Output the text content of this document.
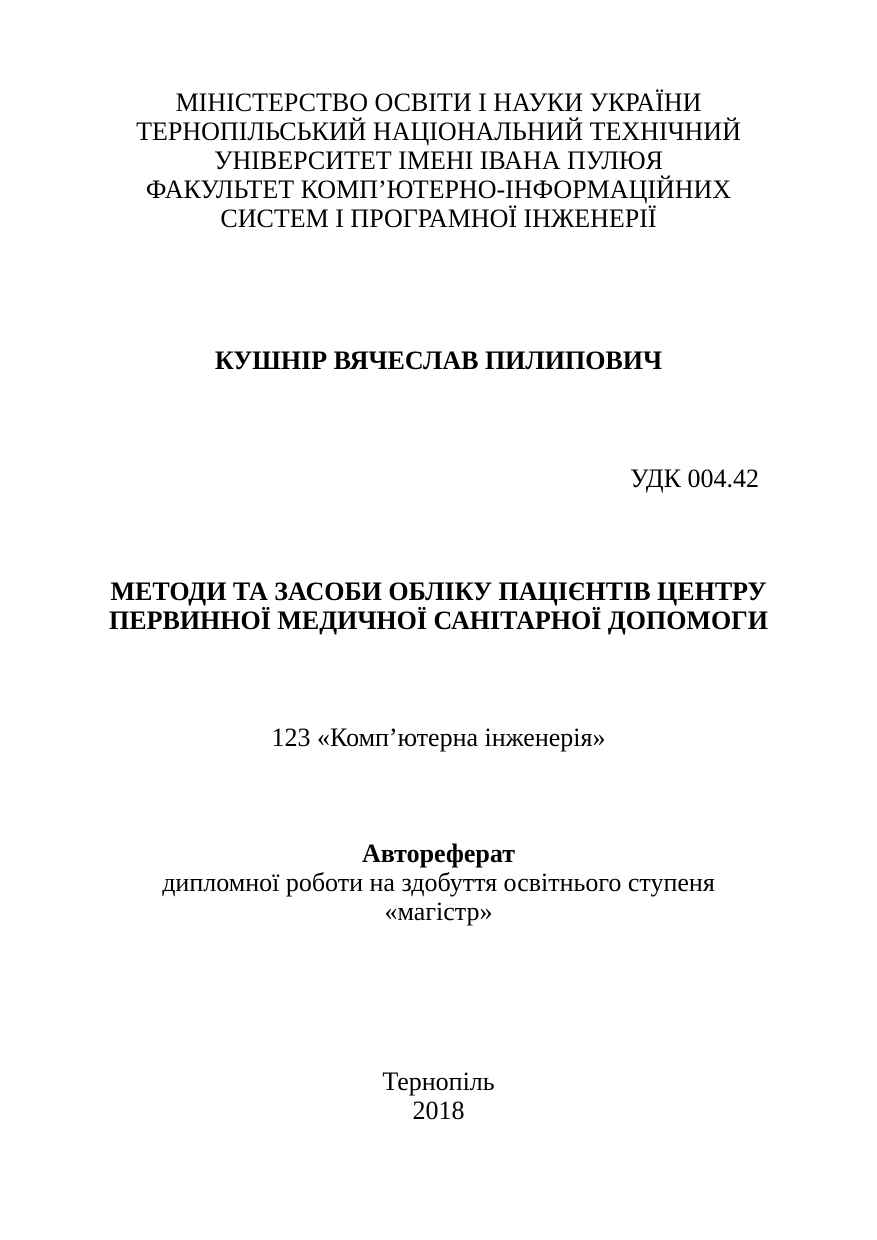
МІНІСТЕРСТВО ОСВІТИ І НАУКИ УКРАЇНИ
ТЕРНОПІЛЬСЬКИЙ НАЦІОНАЛЬНИЙ ТЕХНІЧНИЙ
УНІВЕРСИТЕТ ІМЕНІ ІВАНА ПУЛЮЯ
ФАКУЛЬТЕТ КОМП’ЮТЕРНО-ІНФОРМАЦІЙНИХ
СИСТЕМ І ПРОГРАМНОЇ ІНЖЕНЕРІЇ
КУШНІР ВЯЧЕСЛАВ ПИЛИПОВИЧ
УДК 004.42
МЕТОДИ ТА ЗАСОБИ ОБЛІКУ ПАЦІЄНТІВ ЦЕНТРУ
ПЕРВИННОЇ МЕДИЧНОЇ САНІТАРНОЇ ДОПОМОГИ
123 «Комп’ютерна інженерія»
Автореферат
дипломної роботи на здобуття освітнього ступеня
«магістр»
Тернопіль
2018
